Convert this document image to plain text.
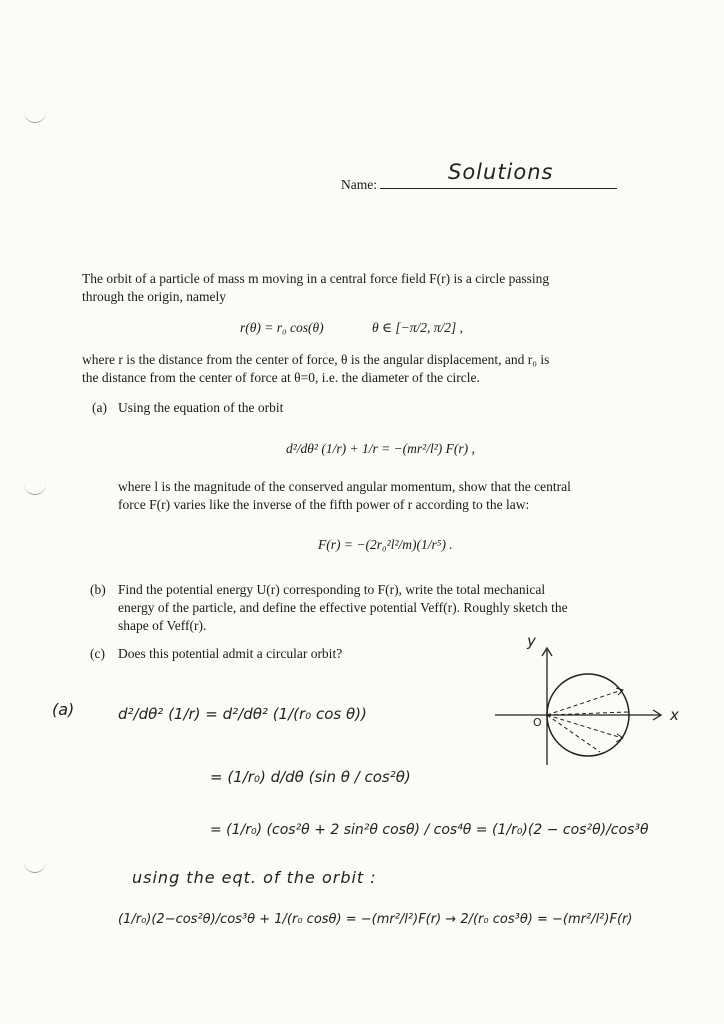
Name:
Solutions
The orbit of a particle of mass m moving in a central force field F(r) is a circle passing
through the origin, namely
r(θ) = r₀ cos(θ)	θ ∈ [−π/2, π/2] ,
where r is the distance from the center of force, θ is the angular displacement, and r₀ is
the distance from the center of force at θ=0, i.e. the diameter of the circle.
(a) Using the equation of the orbit
d²/dθ² (1/r) + 1/r = −(mr²/l²) F(r) ,
where l is the magnitude of the conserved angular momentum, show that the central
force F(r) varies like the inverse of the fifth power of r according to the law:
F(r) = −(2r₀²l²/m)(1/r⁵) .
(b) Find the potential energy U(r) corresponding to F(r), write the total mechanical
energy of the particle, and define the effective potential Veff(r). Roughly sketch the
shape of Veff(r).
(c) Does this potential admit a circular orbit?
(a)	d²/dθ² (1/r) = d²/dθ² (1/(r₀ cos θ))
= (1/r₀) d/dθ (sin θ / cos²θ)
= (1/r₀) (cos²θ + 2 sin²θ cosθ) / cos⁴θ = (1/r₀)(2 − cos²θ)/cos³θ
using the eqt. of the orbit :
(1/r₀)(2−cos²θ)/cos³θ + 1/(r₀ cosθ) = −(mr²/l²)F(r) → 2/(r₀ cos³θ) = −(mr²/l²)F(r)
y
x
O
